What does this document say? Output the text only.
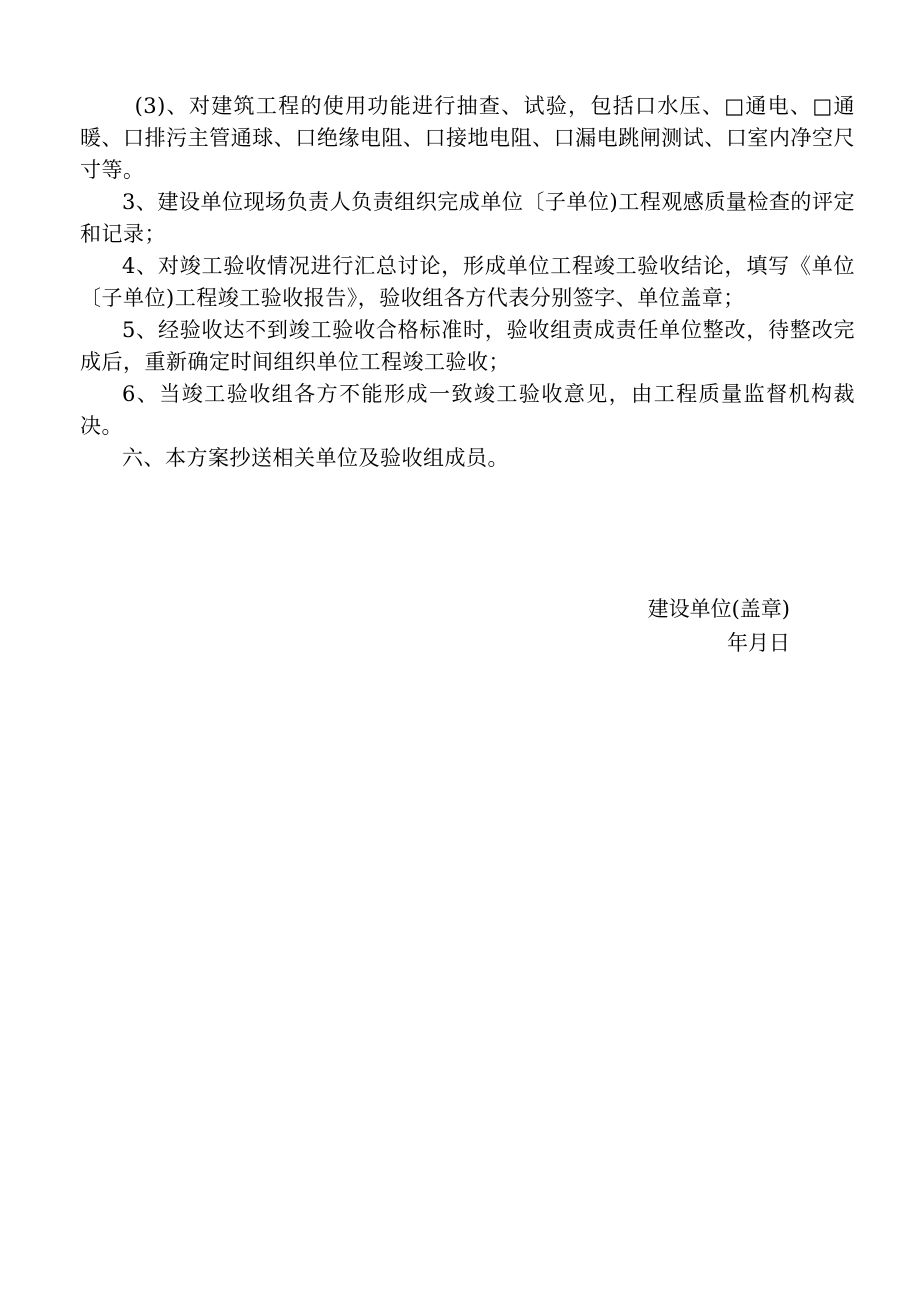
(3)、对建筑工程的使用功能进行抽查、试验，包括口水压、□通电、□通暖、口排污主管通球、口绝缘电阻、口接地电阻、口漏电跳闸测试、口室内净空尺寸等。

3、建设单位现场负责人负责组织完成单位〔子单位)工程观感质量检查的评定和记录；

4、对竣工验收情况进行汇总讨论，形成单位工程竣工验收结论，填写《单位〔子单位)工程竣工验收报告》，验收组各方代表分别签字、单位盖章；

5、经验收达不到竣工验收合格标准时，验收组责成责任单位整改，待整改完成后，重新确定时间组织单位工程竣工验收；

6、当竣工验收组各方不能形成一致竣工验收意见，由工程质量监督机构裁决。

六、本方案抄送相关单位及验收组成员。

建设单位(盖章)
年月日
